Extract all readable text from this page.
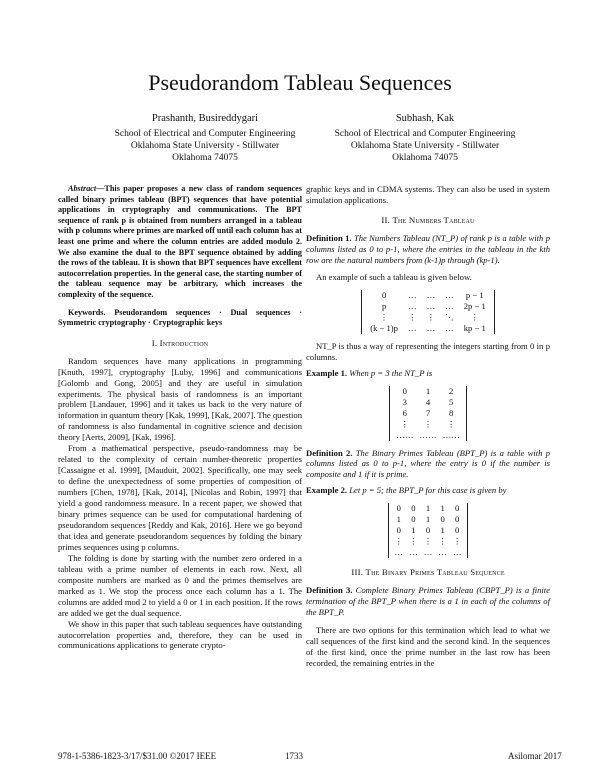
Pseudorandom Tableau Sequences
Prashanth, Busireddygari
School of Electrical and Computer Engineering
Oklahoma State University - Stillwater
Oklahoma 74075
Subhash, Kak
School of Electrical and Computer Engineering
Oklahoma State University - Stillwater
Oklahoma 74075

Abstract—This paper proposes a new class of random sequences called binary primes tableau (BPT) sequences that have potential applications in cryptography and communications. The BPT sequence of rank p is obtained from numbers arranged in a tableau with p columns where primes are marked off until each column has at least one prime and where the column entries are added modulo 2. We also examine the dual to the BPT sequence obtained by adding the rows of the tableau. It is shown that BPT sequences have excellent autocorrelation properties. In the general case, the starting number of the tableau sequence may be arbitrary, which increases the complexity of the sequence.

Keywords. Pseudorandom sequences · Dual sequences · Symmetric cryptography · Cryptographic keys

I. Introduction

Random sequences have many applications in programming [Knuth, 1997], cryptography [Luby, 1996] and communications [Golomb and Gong, 2005] and they are useful in simulation experiments. The physical basis of randomness is an important problem [Landauer, 1996] and it takes us back to the very nature of information in quantum theory [Kak, 1999], [Kak, 2007]. The question of randomness is also fundamental in cognitive science and decision theory [Aerts, 2009], [Kak, 1996].

From a mathematical perspective, pseudo-randomness may be related to the complexity of certain number-theoretic properties [Cassaigne et al. 1999], [Mauduit, 2002]. Specifically, one may seek to define the unexpectedness of some properties of composition of numbers [Chen, 1978], [Kak, 2014], [Nicolas and Robin, 1997] that yield a good randomness measure. In a recent paper, we showed that binary primes sequence can be used for computational hardening of pseudorandom sequences [Reddy and Kak, 2016]. Here we go beyond that idea and generate pseudorandom sequences by folding the binary primes sequences using p columns.

The folding is done by starting with the number zero ordered in a tableau with a prime number of elements in each row. Next, all composite numbers are marked as 0 and the primes themselves are marked as 1. We stop the process once each column has a 1. The columns are added mod 2 to yield a 0 or 1 in each position. If the rows are added we get the dual sequence.

We show in this paper that such tableau sequences have outstanding autocorrelation properties and, therefore, they can be used in communications applications to generate crypto-

graphic keys and in CDMA systems. They can also be used in system simulation applications.

II. The Numbers Tableau

Definition 1. The Numbers Tableau (NT_P) of rank p is a table with p columns listed as 0 to p-1, where the entries in the tableau in the kth row are the natural numbers from (k-1)p through (kp-1).

An example of such a tableau is given below.

0	…	…	…	p − 1
p	…	…	…	2p − 1
⋮	⋮	⋮	⋱	⋮
(k − 1)p	…	…	…	kp − 1

NT_P is thus a way of representing the integers starting from 0 in p columns.

Example 1. When p = 3 the NT_P is

0	1	2
3	4	5
6	7	8
⋮	⋮	⋮
……	……	……

Definition 2. The Binary Primes Tableau (BPT_P) is a table with p columns listed as 0 to p-1, where the entry is 0 if the number is composite and 1 if it is prime.

Example 2. Let p = 5; the BPT_P for this case is given by

0	0	1	1	0
1	0	1	0	0
0	1	0	1	0
⋮	⋮	⋮	⋮	⋮
…	…	…	…	…
III. The Binary Primes Tableau Sequence

Definition 3. Complete Binary Primes Tableau (CBPT_P) is a finite termination of the BPT_P when there is a 1 in each of the columns of the BPT_P.

There are two options for this termination which lead to what we call sequences of the first kind and the second kind. In the sequences of the first kind, once the prime number in the last row has been recorded, the remaining entries in the

978-1-5386-1823-3/17/$31.00 ©2017 IEEE	1733	Asilomar 2017
